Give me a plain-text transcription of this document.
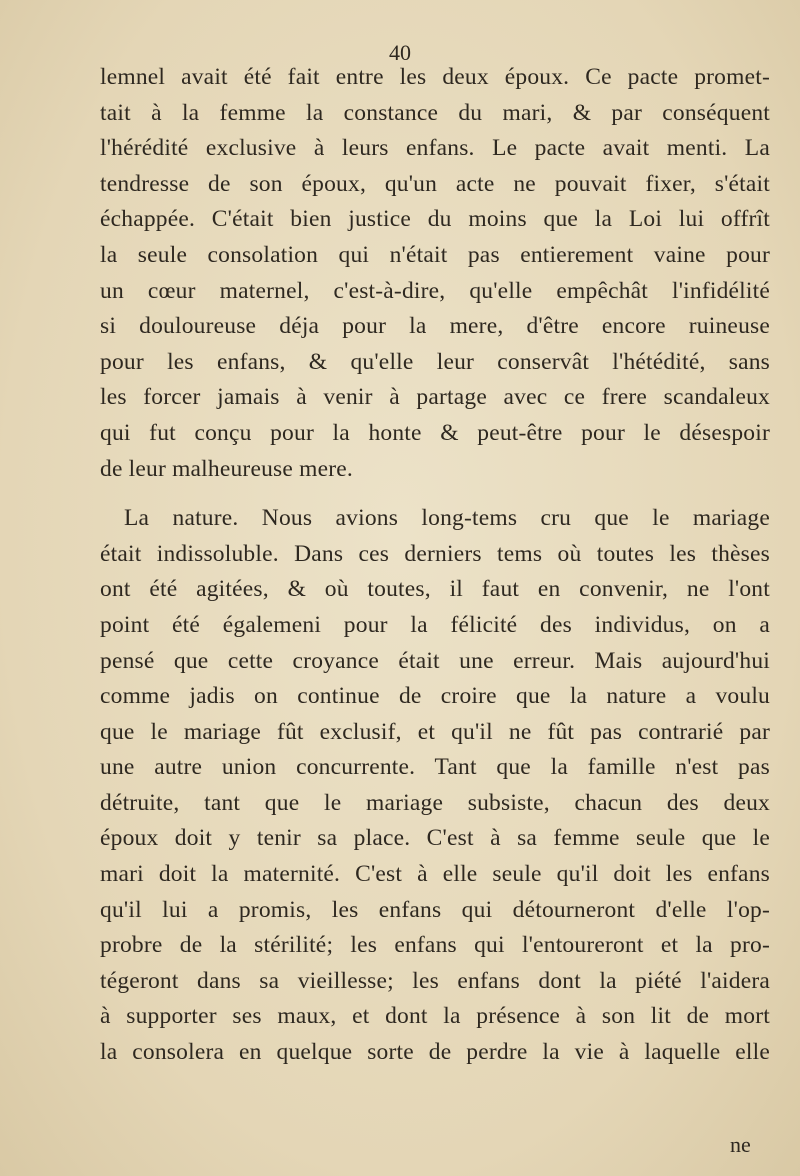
40
lemnel avait été fait entre les deux époux. Ce pacte promet-
tait à la femme la constance du mari, & par conséquent
l'hérédité exclusive à leurs enfans. Le pacte avait menti. La
tendresse de son époux, qu'un acte ne pouvait fixer, s'était
échappée. C'était bien justice du moins que la Loi lui offrît
la seule consolation qui n'était pas entierement vaine pour
un cœur maternel, c'est-à-dire, qu'elle empêchât l'infidélité
si douloureuse déja pour la mere, d'être encore ruineuse
pour les enfans, & qu'elle leur conservât l'hétédité, sans
les forcer jamais à venir à partage avec ce frere scandaleux
qui fut conçu pour la honte & peut-être pour le désespoir
de leur malheureuse mere.
La nature. Nous avions long-tems cru que le mariage
était indissoluble. Dans ces derniers tems où toutes les thèses
ont été agitées, & où toutes, il faut en convenir, ne l'ont
point été égalemeni pour la félicité des individus, on a
pensé que cette croyance était une erreur. Mais aujourd'hui
comme jadis on continue de croire que la nature a voulu
que le mariage fût exclusif, et qu'il ne fût pas contrarié par
une autre union concurrente. Tant que la famille n'est pas
détruite, tant que le mariage subsiste, chacun des deux
époux doit y tenir sa place. C'est à sa femme seule que le
mari doit la maternité. C'est à elle seule qu'il doit les enfans
qu'il lui a promis, les enfans qui détourneront d'elle l'op-
probre de la stérilité; les enfans qui l'entoureront et la pro-
tégeront dans sa vieillesse; les enfans dont la piété l'aidera
à supporter ses maux, et dont la présence à son lit de mort
la consolera en quelque sorte de perdre la vie à laquelle elle
ne
